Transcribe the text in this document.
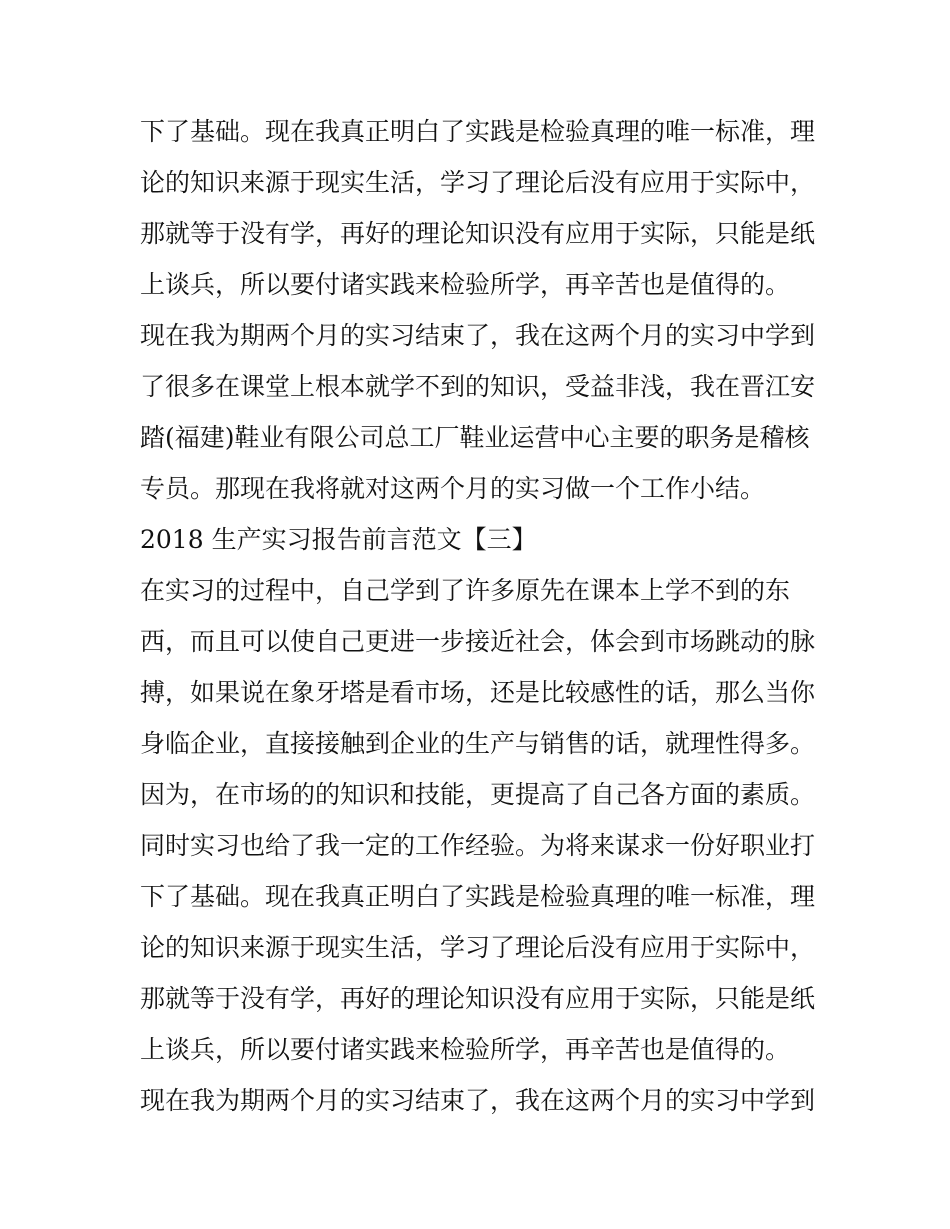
下了基础。现在我真正明白了实践是检验真理的唯一标准，理
论的知识来源于现实生活，学习了理论后没有应用于实际中，
那就等于没有学，再好的理论知识没有应用于实际，只能是纸
上谈兵，所以要付诸实践来检验所学，再辛苦也是值得的。
现在我为期两个月的实习结束了，我在这两个月的实习中学到
了很多在课堂上根本就学不到的知识，受益非浅，我在晋江安
踏(福建)鞋业有限公司总工厂鞋业运营中心主要的职务是稽核
专员。那现在我将就对这两个月的实习做一个工作小结。
2018 生产实习报告前言范文【三】
在实习的过程中，自己学到了许多原先在课本上学不到的东
西，而且可以使自己更进一步接近社会，体会到市场跳动的脉
搏，如果说在象牙塔是看市场，还是比较感性的话，那么当你
身临企业，直接接触到企业的生产与销售的话，就理性得多。
因为，在市场的的知识和技能，更提高了自己各方面的素质。
同时实习也给了我一定的工作经验。为将来谋求一份好职业打
下了基础。现在我真正明白了实践是检验真理的唯一标准，理
论的知识来源于现实生活，学习了理论后没有应用于实际中，
那就等于没有学，再好的理论知识没有应用于实际，只能是纸
上谈兵，所以要付诸实践来检验所学，再辛苦也是值得的。
现在我为期两个月的实习结束了，我在这两个月的实习中学到
